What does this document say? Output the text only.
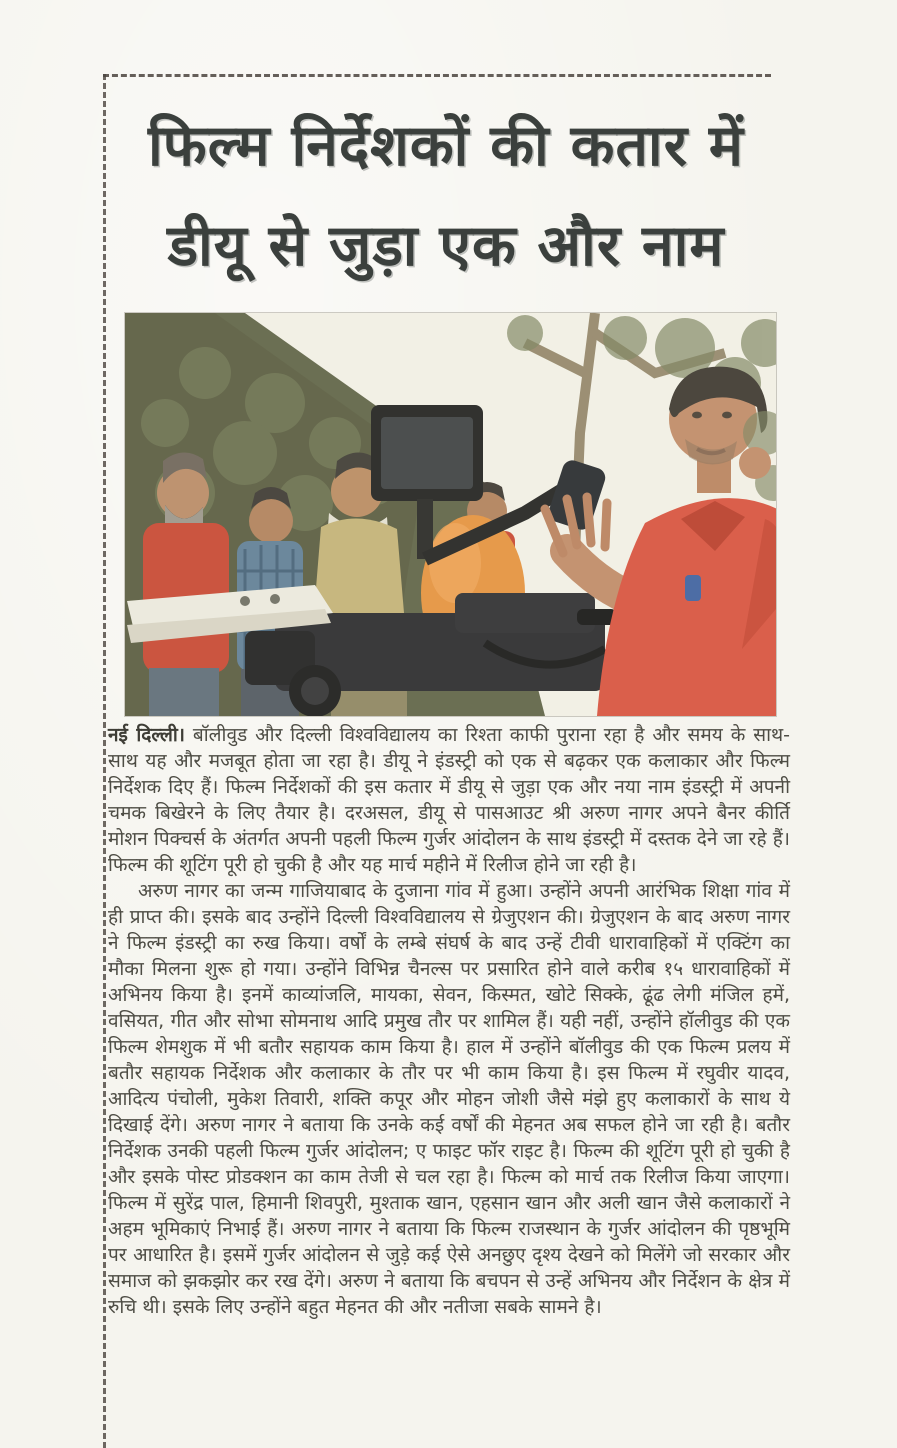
फिल्म निर्देशकों की कतार में
डीयू से जुड़ा एक और नाम

नई दिल्ली। बॉलीवुड और दिल्ली विश्वविद्यालय का रिश्ता काफी पुराना रहा है और समय के साथ-साथ यह और मजबूत होता जा रहा है। डीयू ने इंडस्ट्री को एक से बढ़कर एक कलाकार और फिल्म निर्देशक दिए हैं। फिल्म निर्देशकों की इस कतार में डीयू से जुड़ा एक और नया नाम इंडस्ट्री में अपनी चमक बिखेरने के लिए तैयार है। दरअसल, डीयू से पासआउट श्री अरुण नागर अपने बैनर कीर्ति मोशन पिक्चर्स के अंतर्गत अपनी पहली फिल्म गुर्जर आंदोलन के साथ इंडस्ट्री में दस्तक देने जा रहे हैं। फिल्म की शूटिंग पूरी हो चुकी है और यह मार्च महीने में रिलीज होने जा रही है।

अरुण नागर का जन्म गाजियाबाद के दुजाना गांव में हुआ। उन्होंने अपनी आरंभिक शिक्षा गांव में ही प्राप्त की। इसके बाद उन्होंने दिल्ली विश्वविद्यालय से ग्रेजुएशन की। ग्रेजुएशन के बाद अरुण नागर ने फिल्म इंडस्ट्री का रुख किया। वर्षों के लम्बे संघर्ष के बाद उन्हें टीवी धारावाहिकों में एक्टिंग का मौका मिलना शुरू हो गया। उन्होंने विभिन्न चैनल्स पर प्रसारित होने वाले करीब १५ धारावाहिकों में अभिनय किया है। इनमें काव्यांजलि, मायका, सेवन, किस्मत, खोटे सिक्के, ढूंढ लेगी मंजिल हमें, वसियत, गीत और सोभा सोमनाथ आदि प्रमुख तौर पर शामिल हैं। यही नहीं, उन्होंने हॉलीवुड की एक फिल्म शेमशुक में भी बतौर सहायक काम किया है। हाल में उन्होंने बॉलीवुड की एक फिल्म प्रलय में बतौर सहायक निर्देशक और कलाकार के तौर पर भी काम किया है। इस फिल्म में रघुवीर यादव, आदित्य पंचोली, मुकेश तिवारी, शक्ति कपूर और मोहन जोशी जैसे मंझे हुए कलाकारों के साथ ये दिखाई देंगे। अरुण नागर ने बताया कि उनके कई वर्षों की मेहनत अब सफल होने जा रही है। बतौर निर्देशक उनकी पहली फिल्म गुर्जर आंदोलन; ए फाइट फॉर राइट है। फिल्म की शूटिंग पूरी हो चुकी है और इसके पोस्ट प्रोडक्शन का काम तेजी से चल रहा है। फिल्म को मार्च तक रिलीज किया जाएगा। फिल्म में सुरेंद्र पाल, हिमानी शिवपुरी, मुश्ताक खान, एहसान खान और अली खान जैसे कलाकारों ने अहम भूमिकाएं निभाई हैं। अरुण नागर ने बताया कि फिल्म राजस्थान के गुर्जर आंदोलन की पृष्ठभूमि पर आधारित है। इसमें गुर्जर आंदोलन से जुड़े कई ऐसे अनछुए दृश्य देखने को मिलेंगे जो सरकार और समाज को झकझोर कर रख देंगे। अरुण ने बताया कि बचपन से उन्हें अभिनय और निर्देशन के क्षेत्र में रुचि थी। इसके लिए उन्होंने बहुत मेहनत की और नतीजा सबके सामने है।
